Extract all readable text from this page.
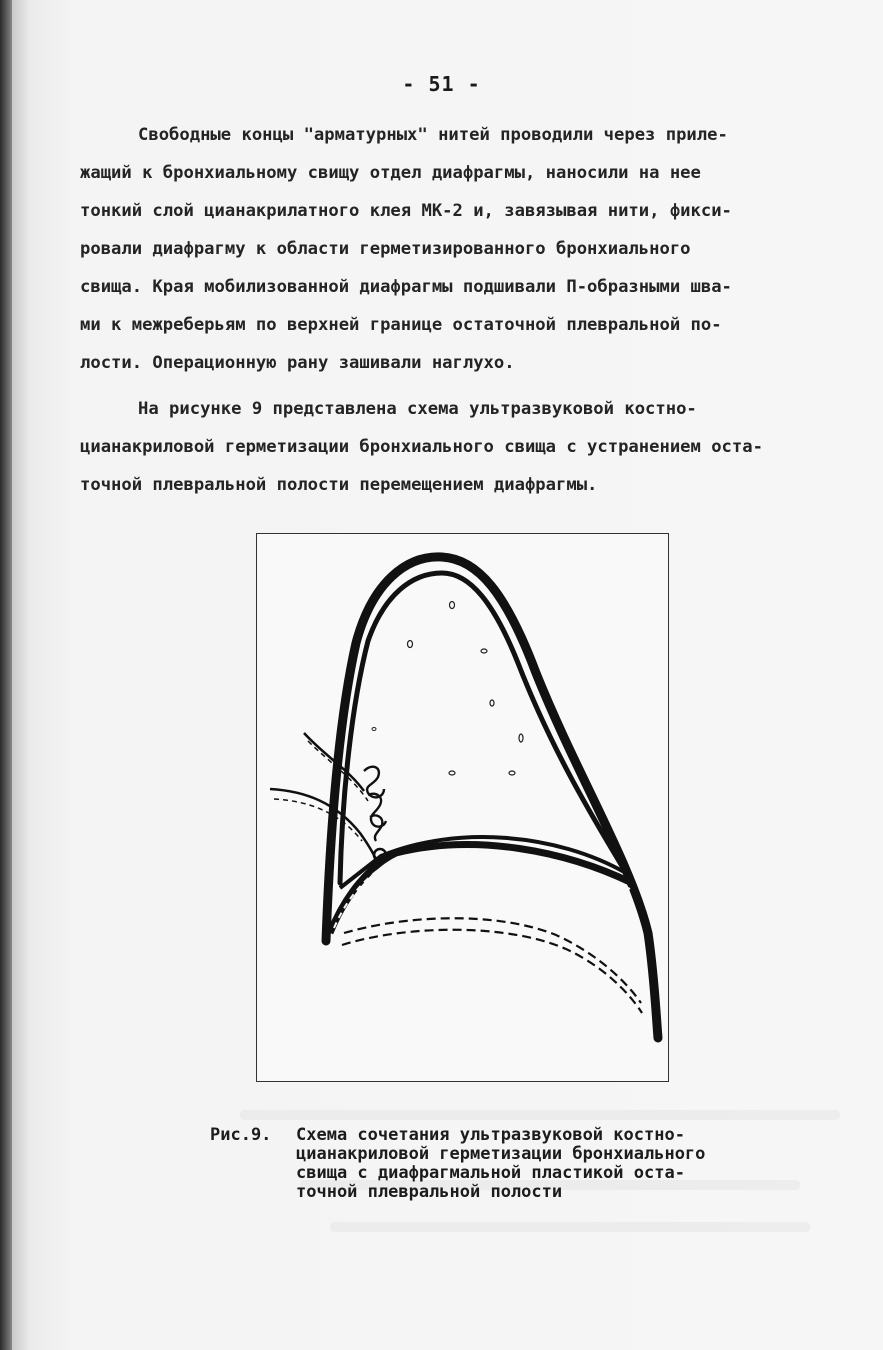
- 51 -

Свободные концы "арматурных" нитей проводили через приле-
жащий к бронхиальному свищу отдел диафрагмы, наносили на нее
тонкий слой цианакрилатного клея МК-2 и, завязывая нити, фикси-
ровали диафрагму к области герметизированного бронхиального
свища. Края мобилизованной диафрагмы подшивали П-образными шва-
ми к межреберьям по верхней границе остаточной плевральной по-
лости. Операционную рану зашивали наглухо.

На рисунке 9 представлена схема ультразвуковой костно-
цианакриловой герметизации бронхиального свища с устранением оста-
точной плевральной полости перемещением диафрагмы.

Рис.9. Схема сочетания ультразвуковой костно-
цианакриловой герметизации бронхиального
свища с диафрагмальной пластикой оста-
точной плевральной полости
